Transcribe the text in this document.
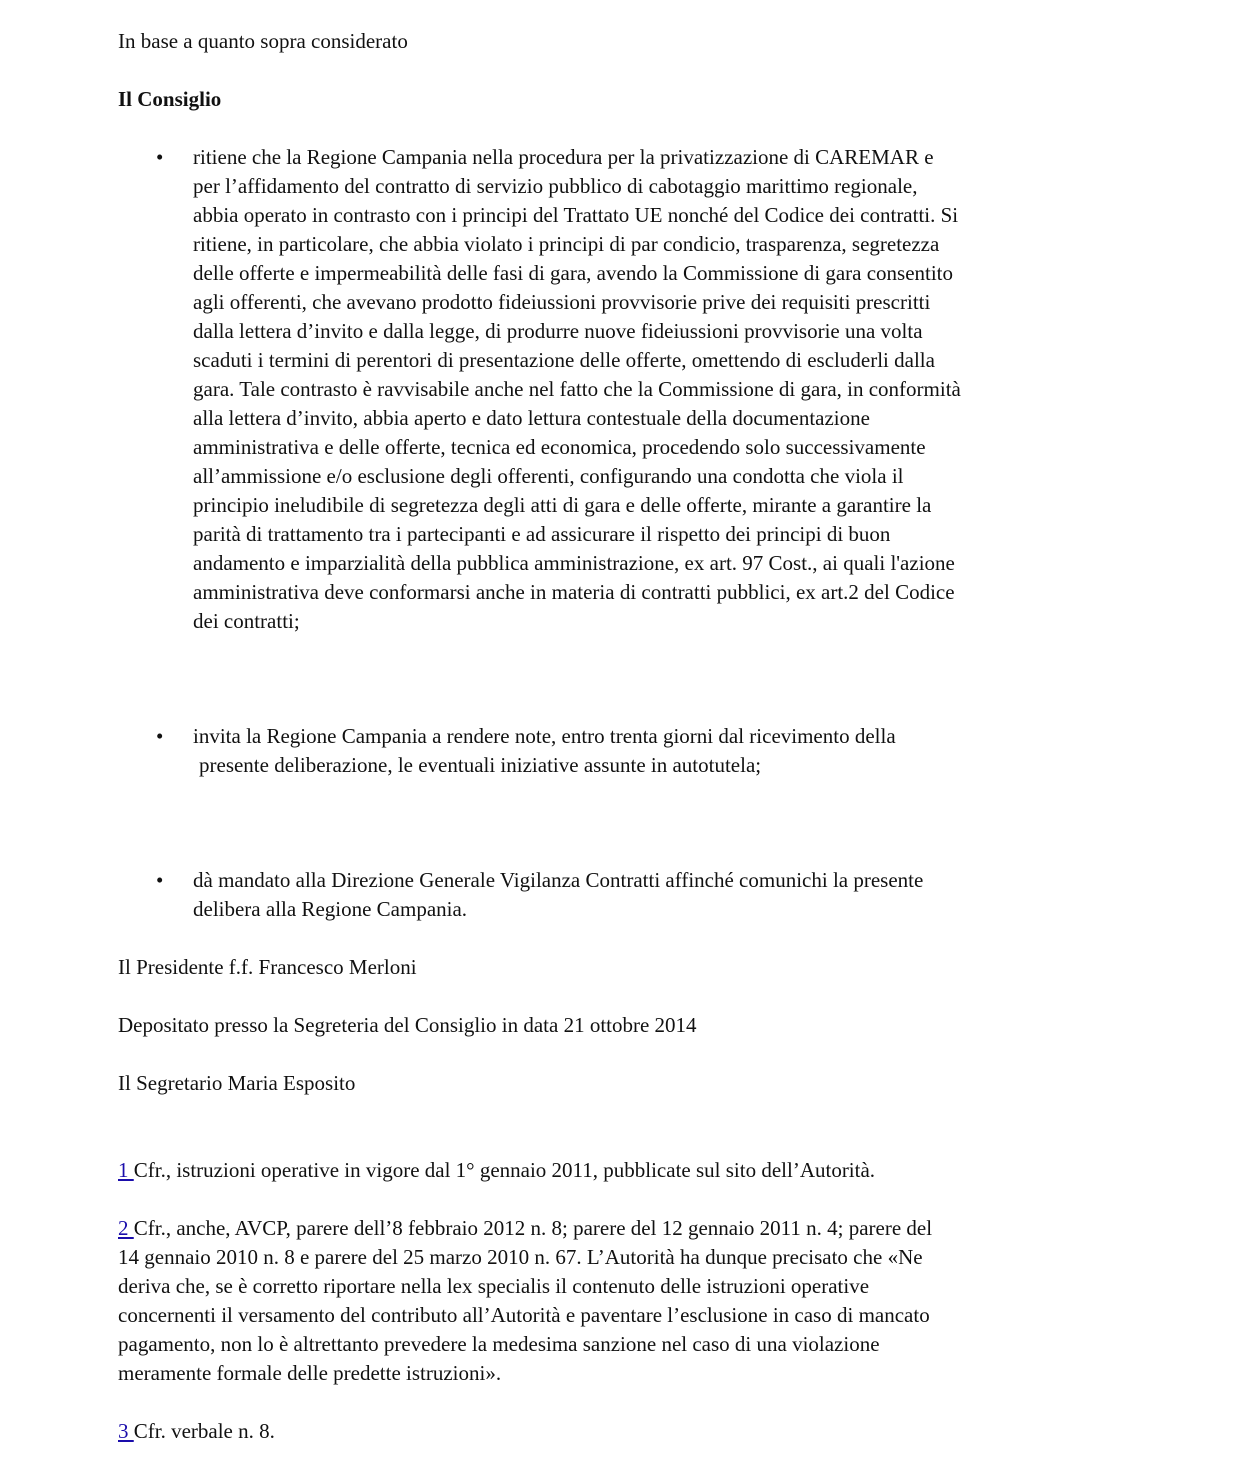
In base a quanto sopra considerato

Il Consiglio

• ritiene che la Regione Campania nella procedura per la privatizzazione di CAREMAR e
per l’affidamento del contratto di servizio pubblico di cabotaggio marittimo regionale,
abbia operato in contrasto con i principi del Trattato UE nonché del Codice dei contratti. Si
ritiene, in particolare, che abbia violato i principi di par condicio, trasparenza, segretezza
delle offerte e impermeabilità delle fasi di gara, avendo la Commissione di gara consentito
agli offerenti, che avevano prodotto fideiussioni provvisorie prive dei requisiti prescritti
dalla lettera d’invito e dalla legge, di produrre nuove fideiussioni provvisorie una volta
scaduti i termini di perentori di presentazione delle offerte, omettendo di escluderli dalla
gara. Tale contrasto è ravvisabile anche nel fatto che la Commissione di gara, in conformità
alla lettera d’invito, abbia aperto e dato lettura contestuale della documentazione
amministrativa e delle offerte, tecnica ed economica, procedendo solo successivamente
all’ammissione e/o esclusione degli offerenti, configurando una condotta che viola il
principio ineludibile di segretezza degli atti di gara e delle offerte, mirante a garantire la
parità di trattamento tra i partecipanti e ad assicurare il rispetto dei principi di buon
andamento e imparzialità della pubblica amministrazione, ex art. 97 Cost., ai quali l'azione
amministrativa deve conformarsi anche in materia di contratti pubblici, ex art.2 del Codice
dei contratti;
• invita la Regione Campania a rendere note, entro trenta giorni dal ricevimento della
presente deliberazione, le eventuali iniziative assunte in autotutela;
• dà mandato alla Direzione Generale Vigilanza Contratti affinché comunichi la presente
delibera alla Regione Campania.

Il Presidente f.f. Francesco Merloni

Depositato presso la Segreteria del Consiglio in data 21 ottobre 2014

Il Segretario Maria Esposito

1 Cfr., istruzioni operative in vigore dal 1° gennaio 2011, pubblicate sul sito dell’Autorità.
2 Cfr., anche, AVCP, parere dell’8 febbraio 2012 n. 8; parere del 12 gennaio 2011 n. 4; parere del
14 gennaio 2010 n. 8 e parere del 25 marzo 2010 n. 67. L’Autorità ha dunque precisato che «Ne
deriva che, se è corretto riportare nella lex specialis il contenuto delle istruzioni operative
concernenti il versamento del contributo all’Autorità e paventare l’esclusione in caso di mancato
pagamento, non lo è altrettanto prevedere la medesima sanzione nel caso di una violazione
meramente formale delle predette istruzioni».
3 Cfr. verbale n. 8.
